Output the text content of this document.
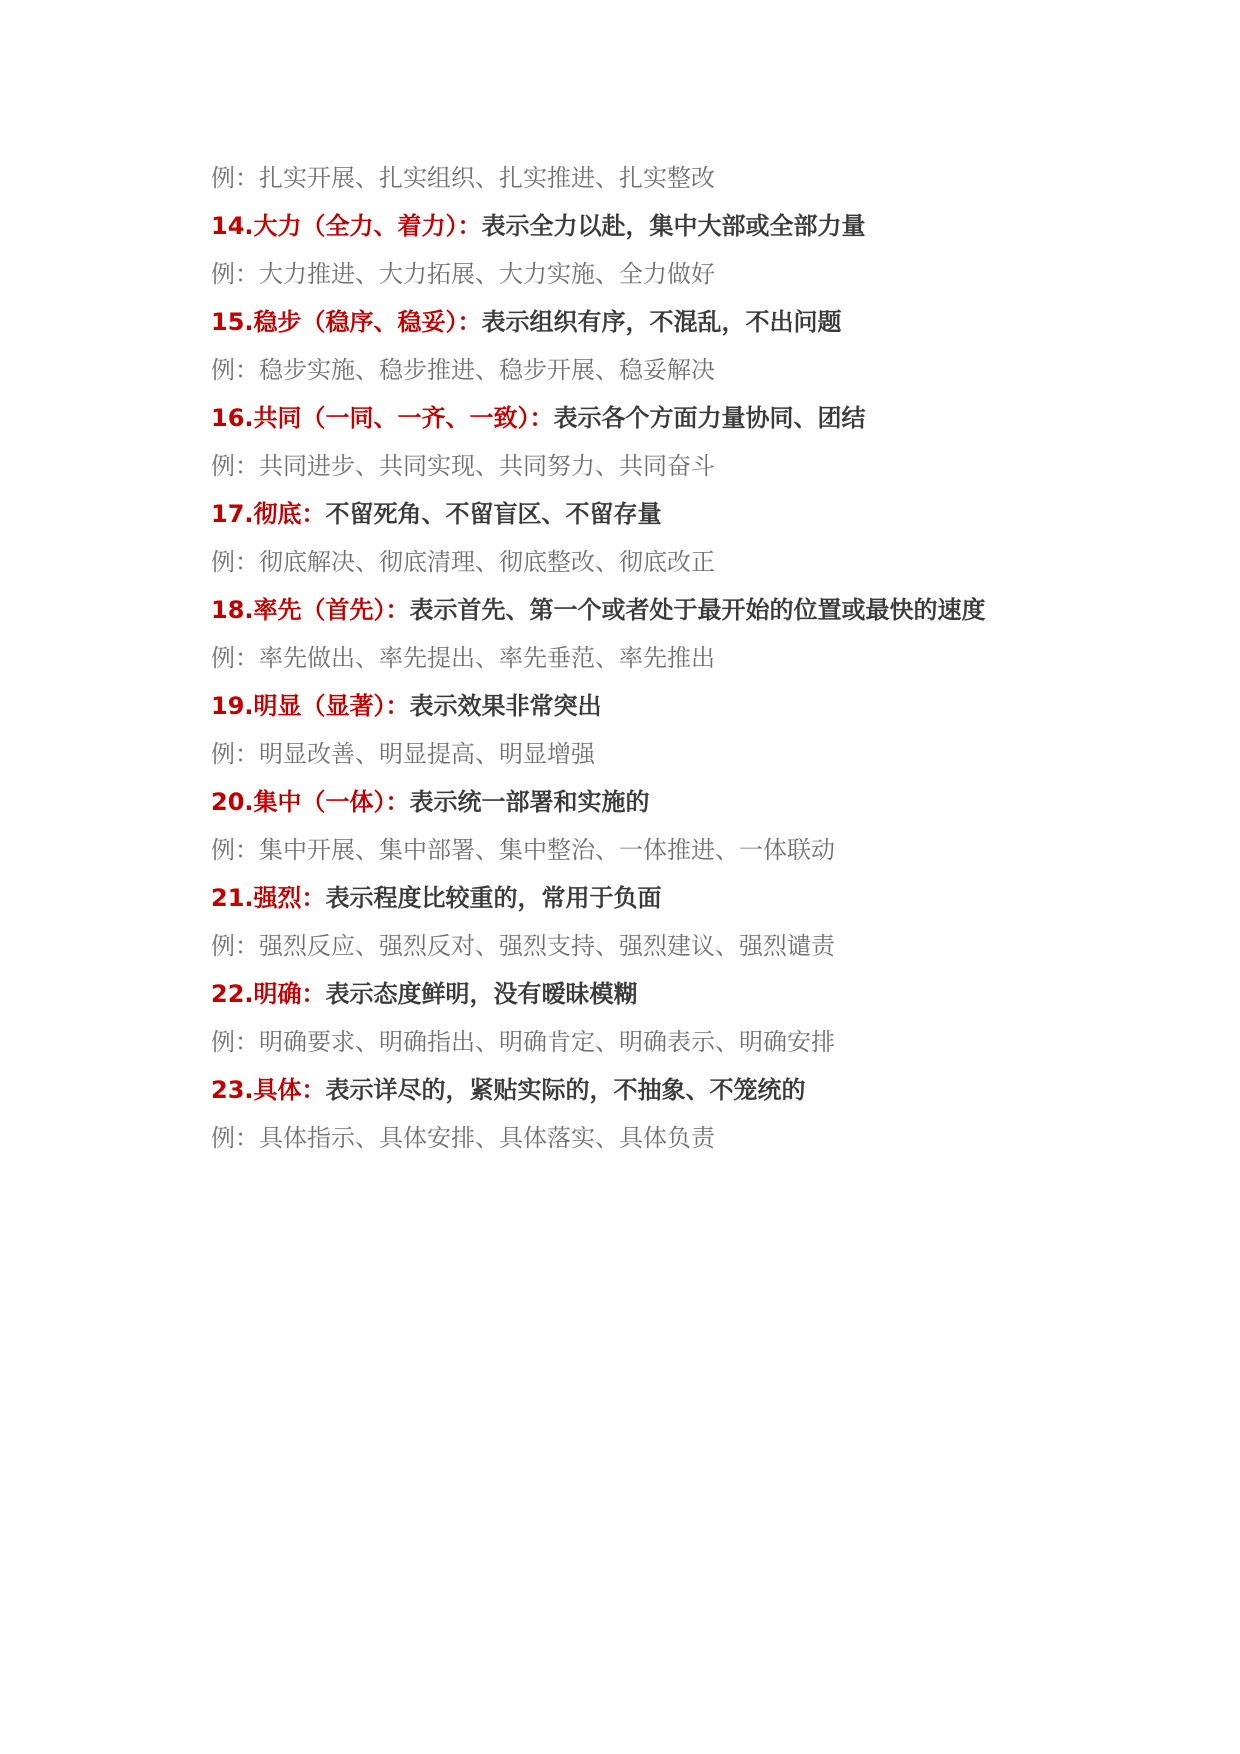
例：扎实开展、扎实组织、扎实推进、扎实整改
14.大力（全力、着力）：表示全力以赴，集中大部或全部力量
例：大力推进、大力拓展、大力实施、全力做好
15.稳步（稳序、稳妥）：表示组织有序，不混乱，不出问题
例：稳步实施、稳步推进、稳步开展、稳妥解决
16.共同（一同、一齐、一致）：表示各个方面力量协同、团结
例：共同进步、共同实现、共同努力、共同奋斗
17.彻底：不留死角、不留盲区、不留存量
例：彻底解决、彻底清理、彻底整改、彻底改正
18.率先（首先）：表示首先、第一个或者处于最开始的位置或最快的速度
例：率先做出、率先提出、率先垂范、率先推出
19.明显（显著）：表示效果非常突出
例：明显改善、明显提高、明显增强
20.集中（一体）：表示统一部署和实施的
例：集中开展、集中部署、集中整治、一体推进、一体联动
21.强烈：表示程度比较重的，常用于负面
例：强烈反应、强烈反对、强烈支持、强烈建议、强烈谴责
22.明确：表示态度鲜明，没有暧昧模糊
例：明确要求、明确指出、明确肯定、明确表示、明确安排
23.具体：表示详尽的，紧贴实际的，不抽象、不笼统的
例：具体指示、具体安排、具体落实、具体负责
